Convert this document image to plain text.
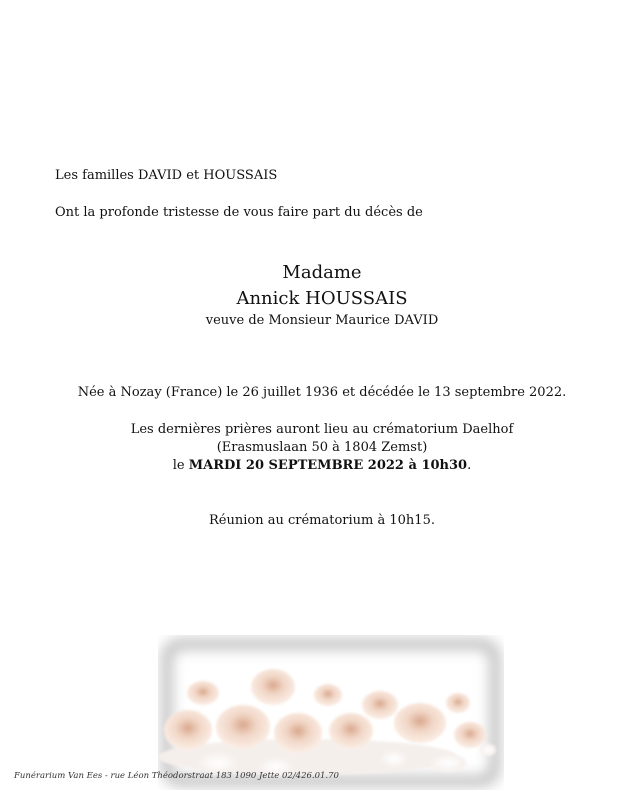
Les familles DAVID et HOUSSAIS
Ont la profonde tristesse de vous faire part du décès de
Madame
Annick HOUSSAIS
veuve de Monsieur Maurice DAVID
Née à Nozay (France) le 26 juillet 1936 et décédée le 13 septembre 2022.
Les dernières prières auront lieu au crématorium Daelhof
(Erasmuslaan 50 à 1804 Zemst)
le MARDI 20 SEPTEMBRE 2022 à 10h30.
Réunion au crématorium à 10h15.
Funérarium Van Ees - rue Léon Théodorstraat 183 1090 Jette 02/426.01.70
